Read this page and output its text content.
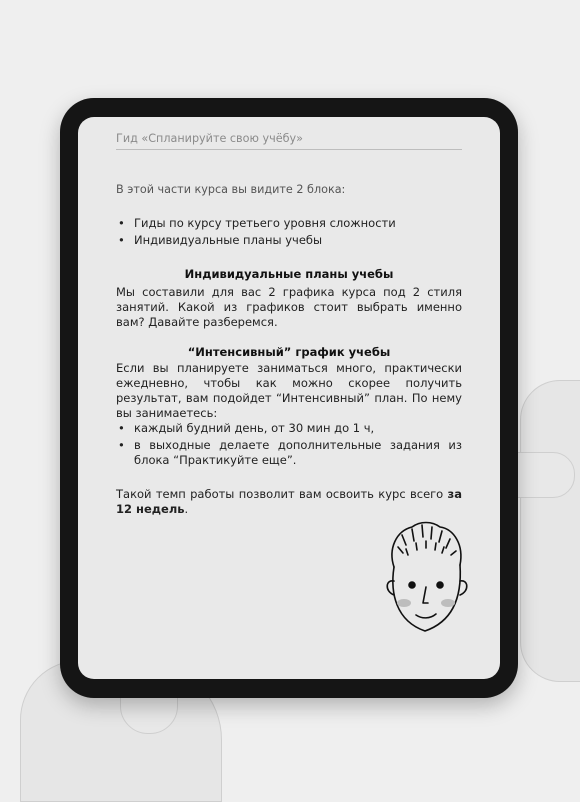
Гид «Спланируйте свою учёбу»
В этой части курса вы видите 2 блока:
• Гиды по курсу третьего уровня сложности
• Индивидуальные планы учебы
Индивидуальные планы учебы

Мы составили для вас 2 графика курса под 2 стиля занятий. Какой из графиков стоит выбрать именно вам? Давайте разберемся.

“Интенсивный” график учебы

Если вы планируете заниматься много, практически ежедневно, чтобы как можно скорее получить результат, вам подойдет “Интенсивный” план. По нему вы занимаетесь:

• каждый будний день, от 30 мин до 1 ч,
• в выходные делаете дополнительные задания из блока “Практикуйте еще”.

Такой темп работы позволит вам освоить курс всего за 12 недель.
